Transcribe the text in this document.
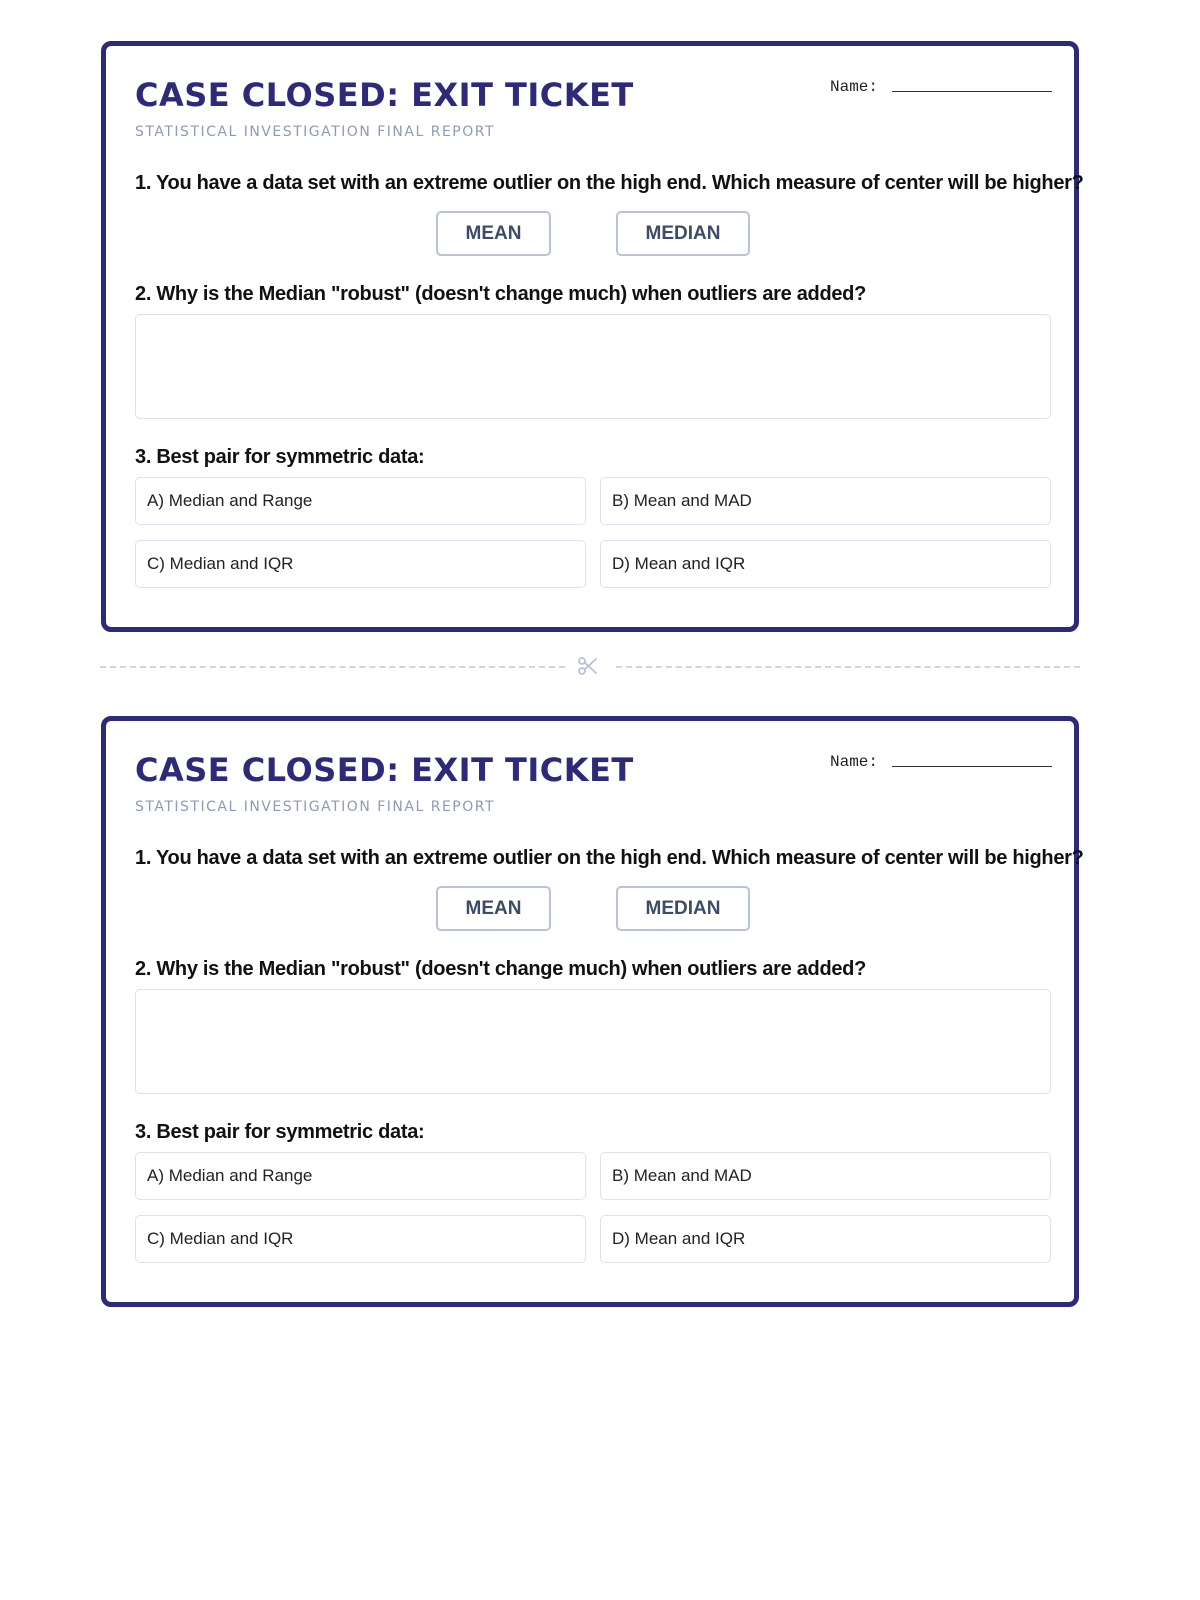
CASE CLOSED: EXIT TICKET
STATISTICAL INVESTIGATION FINAL REPORT
Name:
1. You have a data set with an extreme outlier on the high end. Which measure of center will be higher?
MEAN	MEDIAN
2. Why is the Median "robust" (doesn't change much) when outliers are added?
3. Best pair for symmetric data:
A) Median and Range	B) Mean and MAD
C) Median and IQR	D) Mean and IQR
CASE CLOSED: EXIT TICKET
STATISTICAL INVESTIGATION FINAL REPORT
Name:
1. You have a data set with an extreme outlier on the high end. Which measure of center will be higher?
MEAN	MEDIAN
2. Why is the Median "robust" (doesn't change much) when outliers are added?
3. Best pair for symmetric data:
A) Median and Range	B) Mean and MAD
C) Median and IQR	D) Mean and IQR
